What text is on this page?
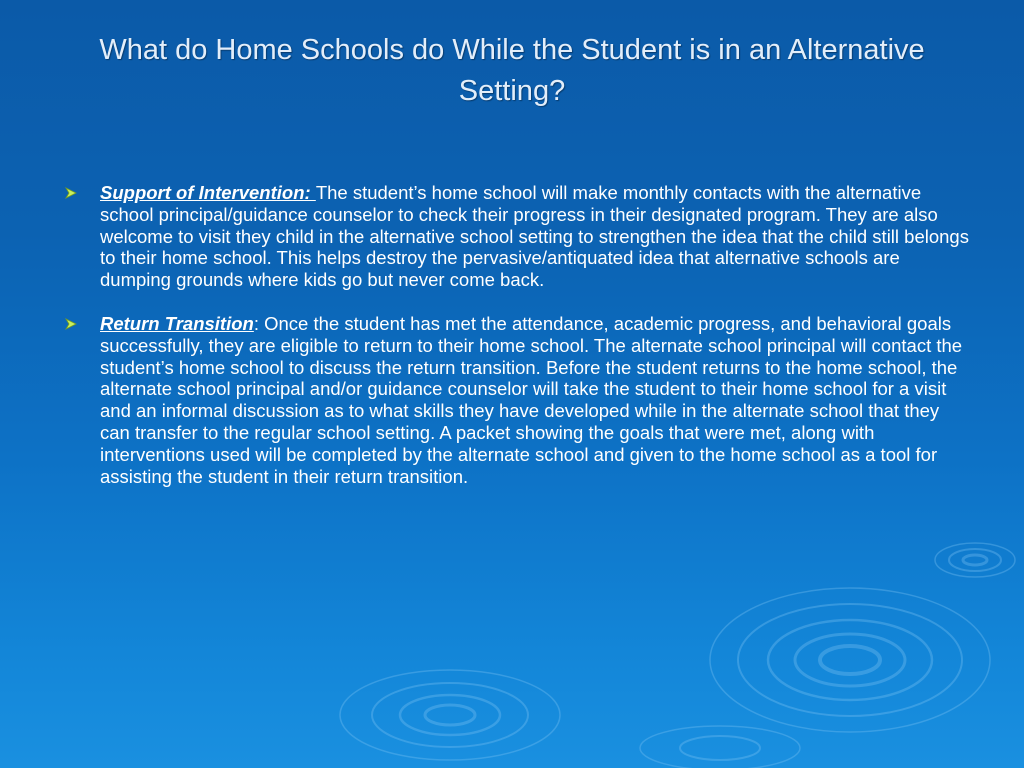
What do Home Schools do While the Student is in an Alternative Setting?
Support of Intervention: The student’s home school will make monthly contacts with the alternative school principal/guidance counselor to check their progress in their designated program. They are also welcome to visit they child in the alternative school setting to strengthen the idea that the child still belongs to their home school. This helps destroy the pervasive/antiquated idea that alternative schools are dumping grounds where kids go but never come back.
Return Transition: Once the student has met the attendance, academic progress, and behavioral goals successfully, they are eligible to return to their home school. The alternate school principal will contact the student’s home school to discuss the return transition. Before the student returns to the home school, the alternate school principal and/or guidance counselor will take the student to their home school for a visit and an informal discussion as to what skills they have developed while in the alternate school that they can transfer to the regular school setting. A packet showing the goals that were met, along with interventions used will be completed by the alternate school and given to the home school as a tool for assisting the student in their return transition.
